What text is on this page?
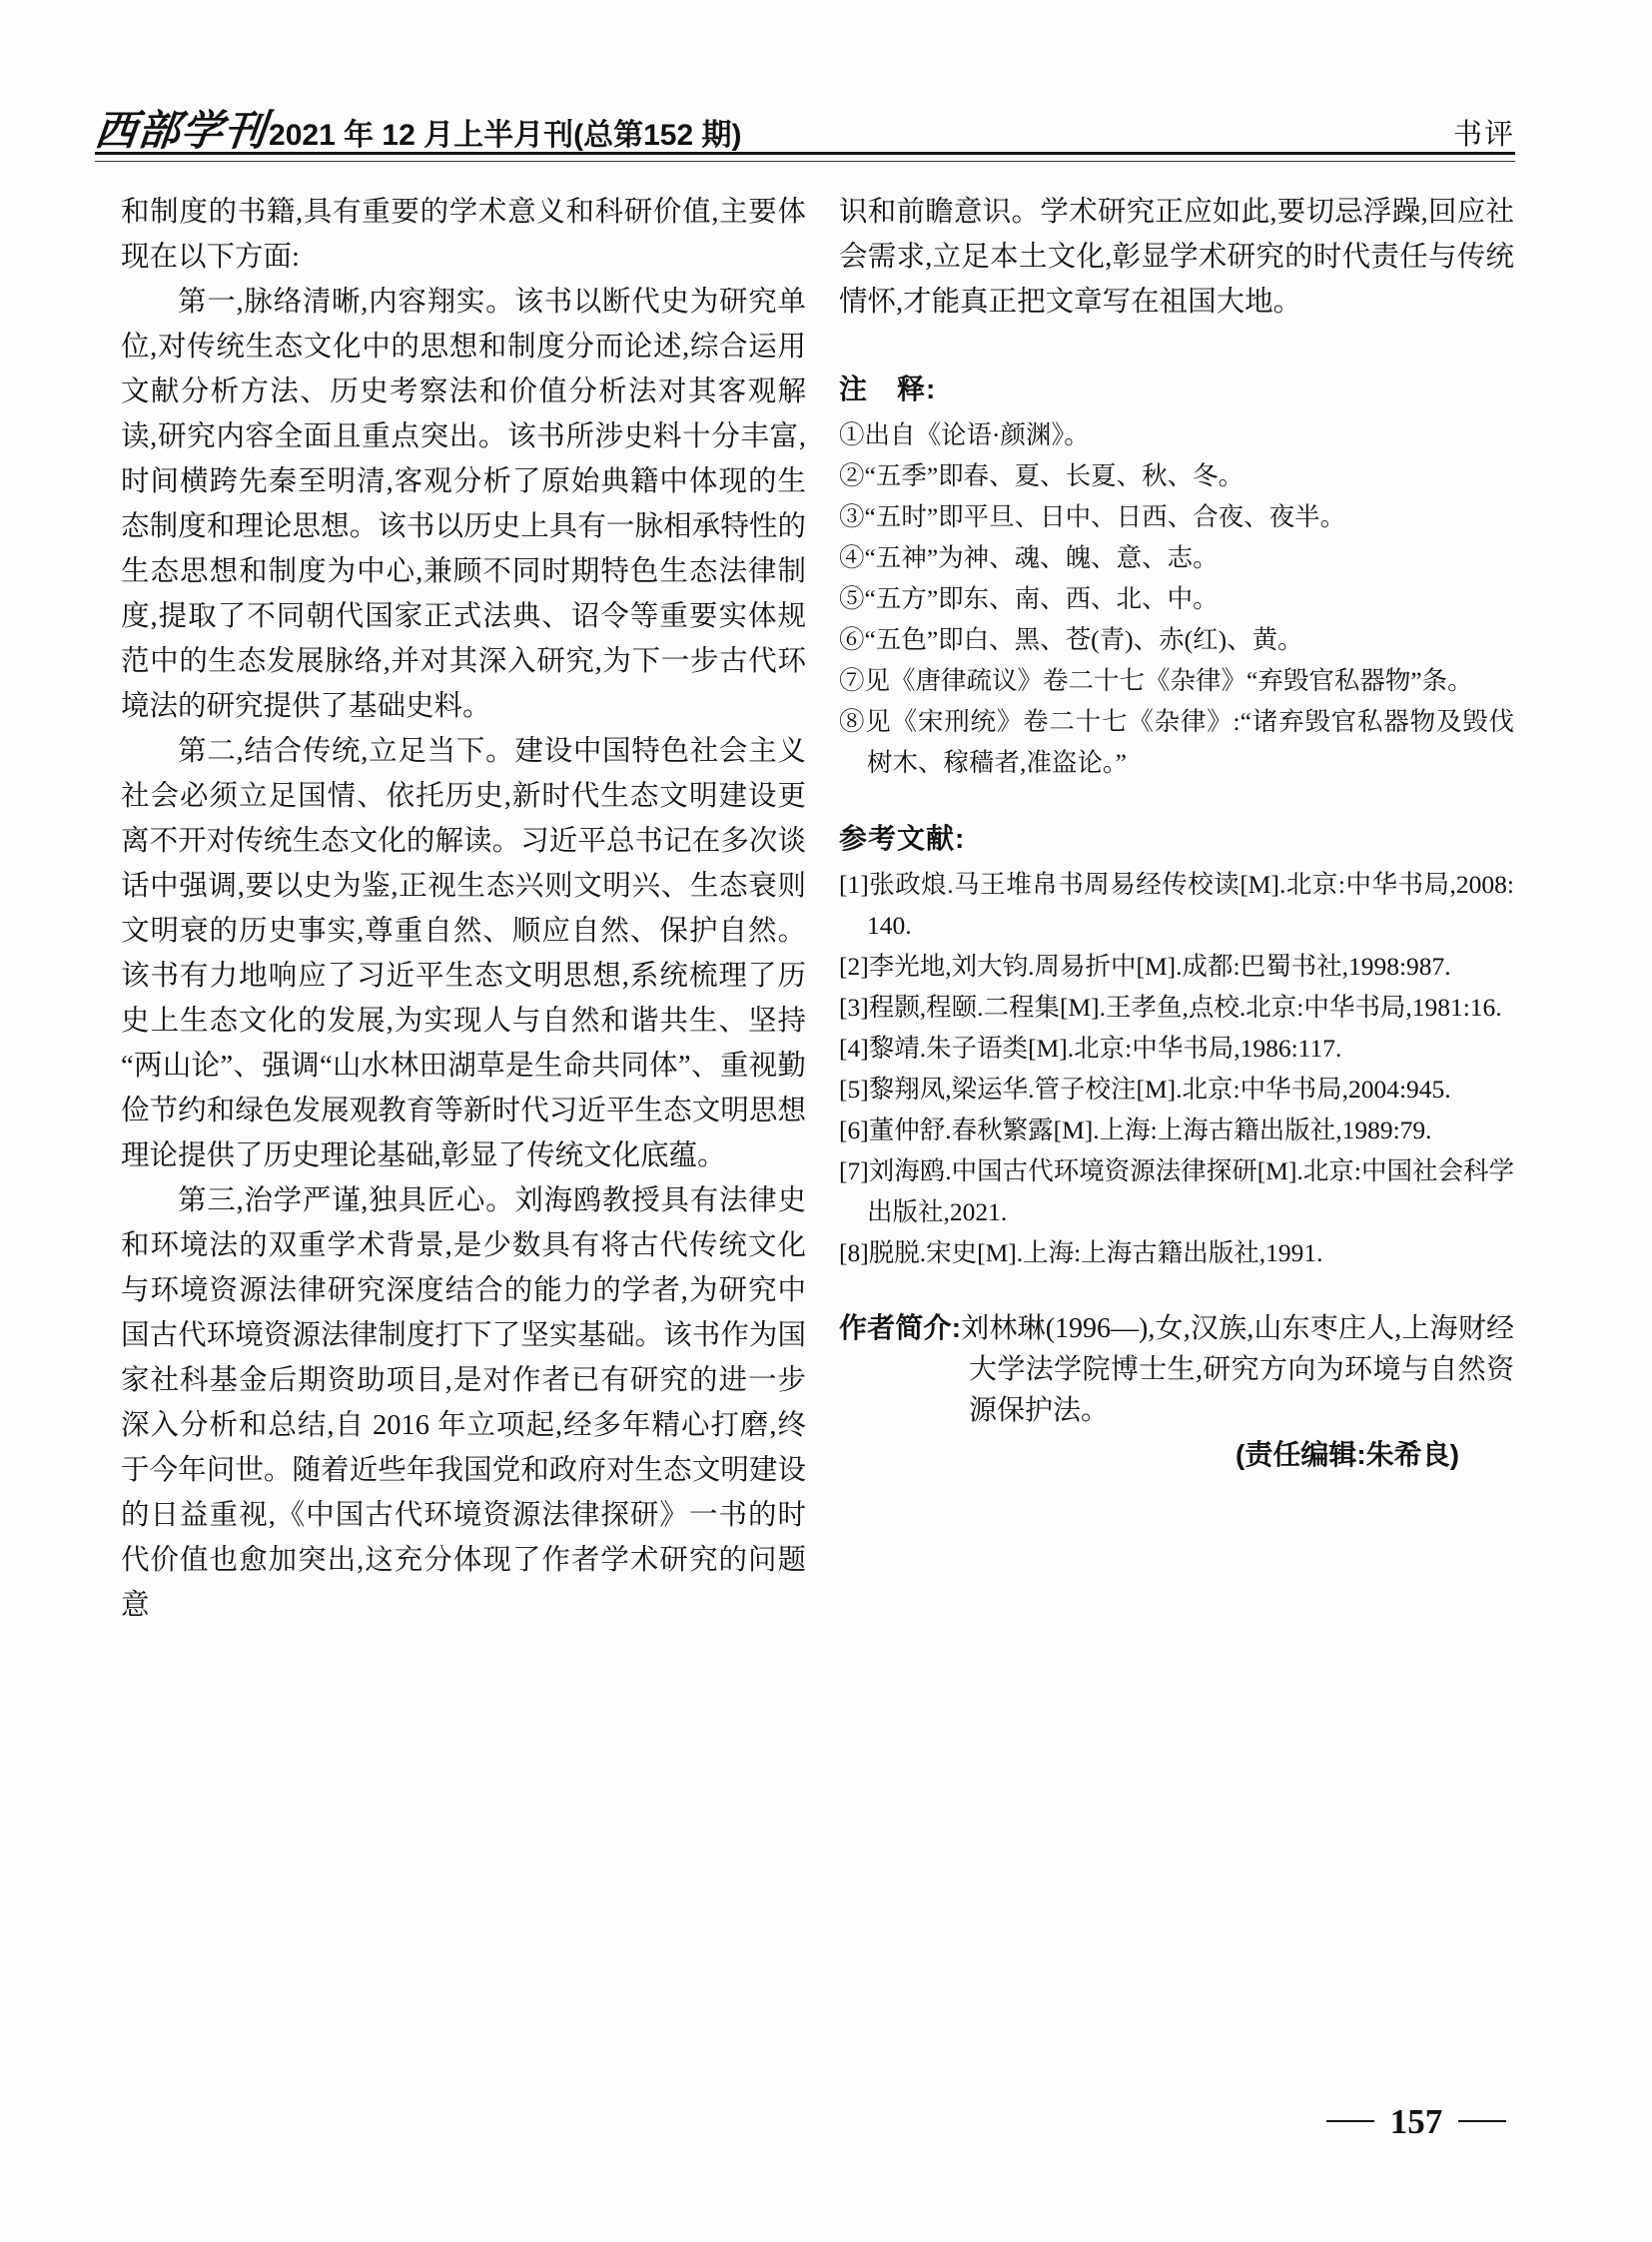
西部学刊 2021 年 12 月上半月刊(总第152 期)	书评

和制度的书籍,具有重要的学术意义和科研价值,主要体现在以下方面:

第一,脉络清晰,内容翔实。该书以断代史为研究单位,对传统生态文化中的思想和制度分而论述,综合运用文献分析方法、历史考察法和价值分析法对其客观解读,研究内容全面且重点突出。该书所涉史料十分丰富,时间横跨先秦至明清,客观分析了原始典籍中体现的生态制度和理论思想。该书以历史上具有一脉相承特性的生态思想和制度为中心,兼顾不同时期特色生态法律制度,提取了不同朝代国家正式法典、诏令等重要实体规范中的生态发展脉络,并对其深入研究,为下一步古代环境法的研究提供了基础史料。

第二,结合传统,立足当下。建设中国特色社会主义社会必须立足国情、依托历史,新时代生态文明建设更离不开对传统生态文化的解读。习近平总书记在多次谈话中强调,要以史为鉴,正视生态兴则文明兴、生态衰则文明衰的历史事实,尊重自然、顺应自然、保护自然。该书有力地响应了习近平生态文明思想,系统梳理了历史上生态文化的发展,为实现人与自然和谐共生、坚持“两山论”、强调“山水林田湖草是生命共同体”、重视勤俭节约和绿色发展观教育等新时代习近平生态文明思想理论提供了历史理论基础,彰显了传统文化底蕴。

第三,治学严谨,独具匠心。刘海鸥教授具有法律史和环境法的双重学术背景,是少数具有将古代传统文化与环境资源法律研究深度结合的能力的学者,为研究中国古代环境资源法律制度打下了坚实基础。该书作为国家社科基金后期资助项目,是对作者已有研究的进一步深入分析和总结,自 2016 年立项起,经多年精心打磨,终于今年问世。随着近些年我国党和政府对生态文明建设的日益重视,《中国古代环境资源法律探研》一书的时代价值也愈加突出,这充分体现了作者学术研究的问题意

识和前瞻意识。学术研究正应如此,要切忌浮躁,回应社会需求,立足本土文化,彰显学术研究的时代责任与传统情怀,才能真正把文章写在祖国大地。

注　释:

①出自《论语·颜渊》。

②“五季”即春、夏、长夏、秋、冬。

③“五时”即平旦、日中、日西、合夜、夜半。

④“五神”为神、魂、魄、意、志。

⑤“五方”即东、南、西、北、中。

⑥“五色”即白、黑、苍(青)、赤(红)、黄。

⑦见《唐律疏议》卷二十七《杂律》“弃毁官私器物”条。

⑧见《宋刑统》卷二十七《杂律》:“诸弃毁官私器物及毁伐树木、稼穑者,准盗论。”

参考文献:

[1]张政烺.马王堆帛书周易经传校读[M].北京:中华书局,2008:140.

[2]李光地,刘大钧.周易折中[M].成都:巴蜀书社,1998:987.

[3]程颢,程颐.二程集[M].王孝鱼,点校.北京:中华书局,1981:16.

[4]黎靖.朱子语类[M].北京:中华书局,1986:117.

[5]黎翔凤,梁运华.管子校注[M].北京:中华书局,2004:945.

[6]董仲舒.春秋繁露[M].上海:上海古籍出版社,1989:79.

[7]刘海鸥.中国古代环境资源法律探研[M].北京:中国社会科学出版社,2021.

[8]脱脱.宋史[M].上海:上海古籍出版社,1991.

作者简介:刘林琳(1996—),女,汉族,山东枣庄人,上海财经大学法学院博士生,研究方向为环境与自然资源保护法。
(责任编辑:朱希良)
157
